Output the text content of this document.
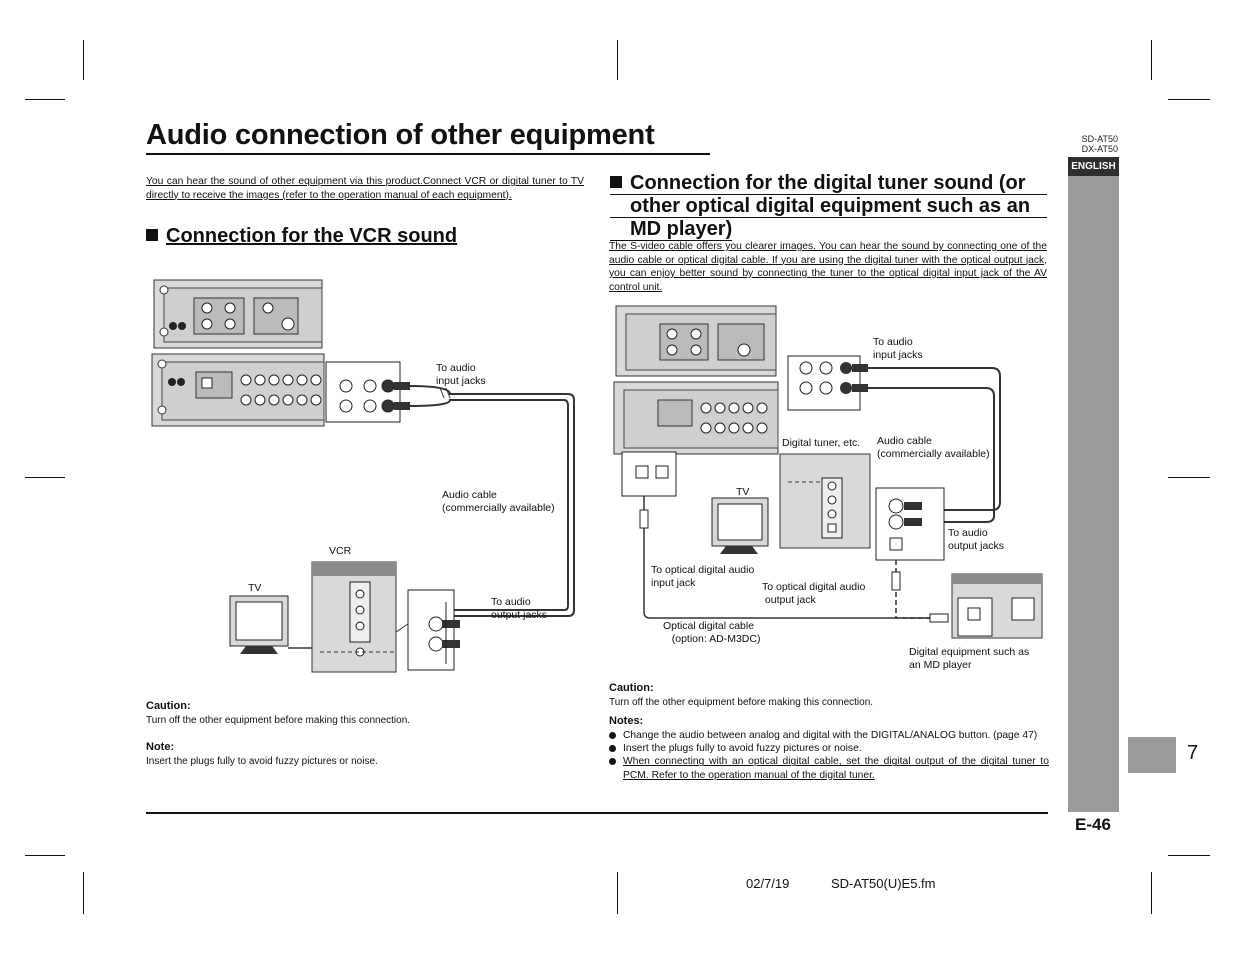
Audio connection of other equipment	SD-AT50
DX-AT50
ENGLISH
7
E-46
You can hear the sound of other equipment via this product.Connect VCR or digital tuner to TV directly to receive the images (refer to the operation manual of each equipment).
Connection for the VCR sound
To audio
input jacks
Audio cable
(commercially available)
VCR
TV
To audio
output jacks
Caution:
Turn off the other equipment before making this connection.
Note:
Insert the plugs fully to avoid fuzzy pictures or noise.
Connection for the digital tuner sound (or
other optical digital equipment such as an
MD player)
The S-video cable offers you clearer images. You can hear the sound by connecting one of the audio cable or optical digital cable. If you are using the digital tuner with the optical output jack, you can enjoy better sound by connecting the tuner to the optical digital input jack of the AV control unit.
To audio
input jacks
Digital tuner, etc. Audio cable
(commercially available)
TV
To audio
output jacks
To optical digital audio
input jack	To optical digital audio
output jack
Optical digital cable
(option: AD-M3DC)
Digital equipment such as
an MD player
Caution:
Turn off the other equipment before making this connection.
Notes:
Change the audio between analog and digital with the DIGITAL/ANALOG button. (page 47)
Insert the plugs fully to avoid fuzzy pictures or noise.
When connecting with an optical digital cable, set the digital output of the digital tuner to PCM. Refer to the operation manual of the digital tuner.
02/7/19	SD-AT50(U)E5.fm
